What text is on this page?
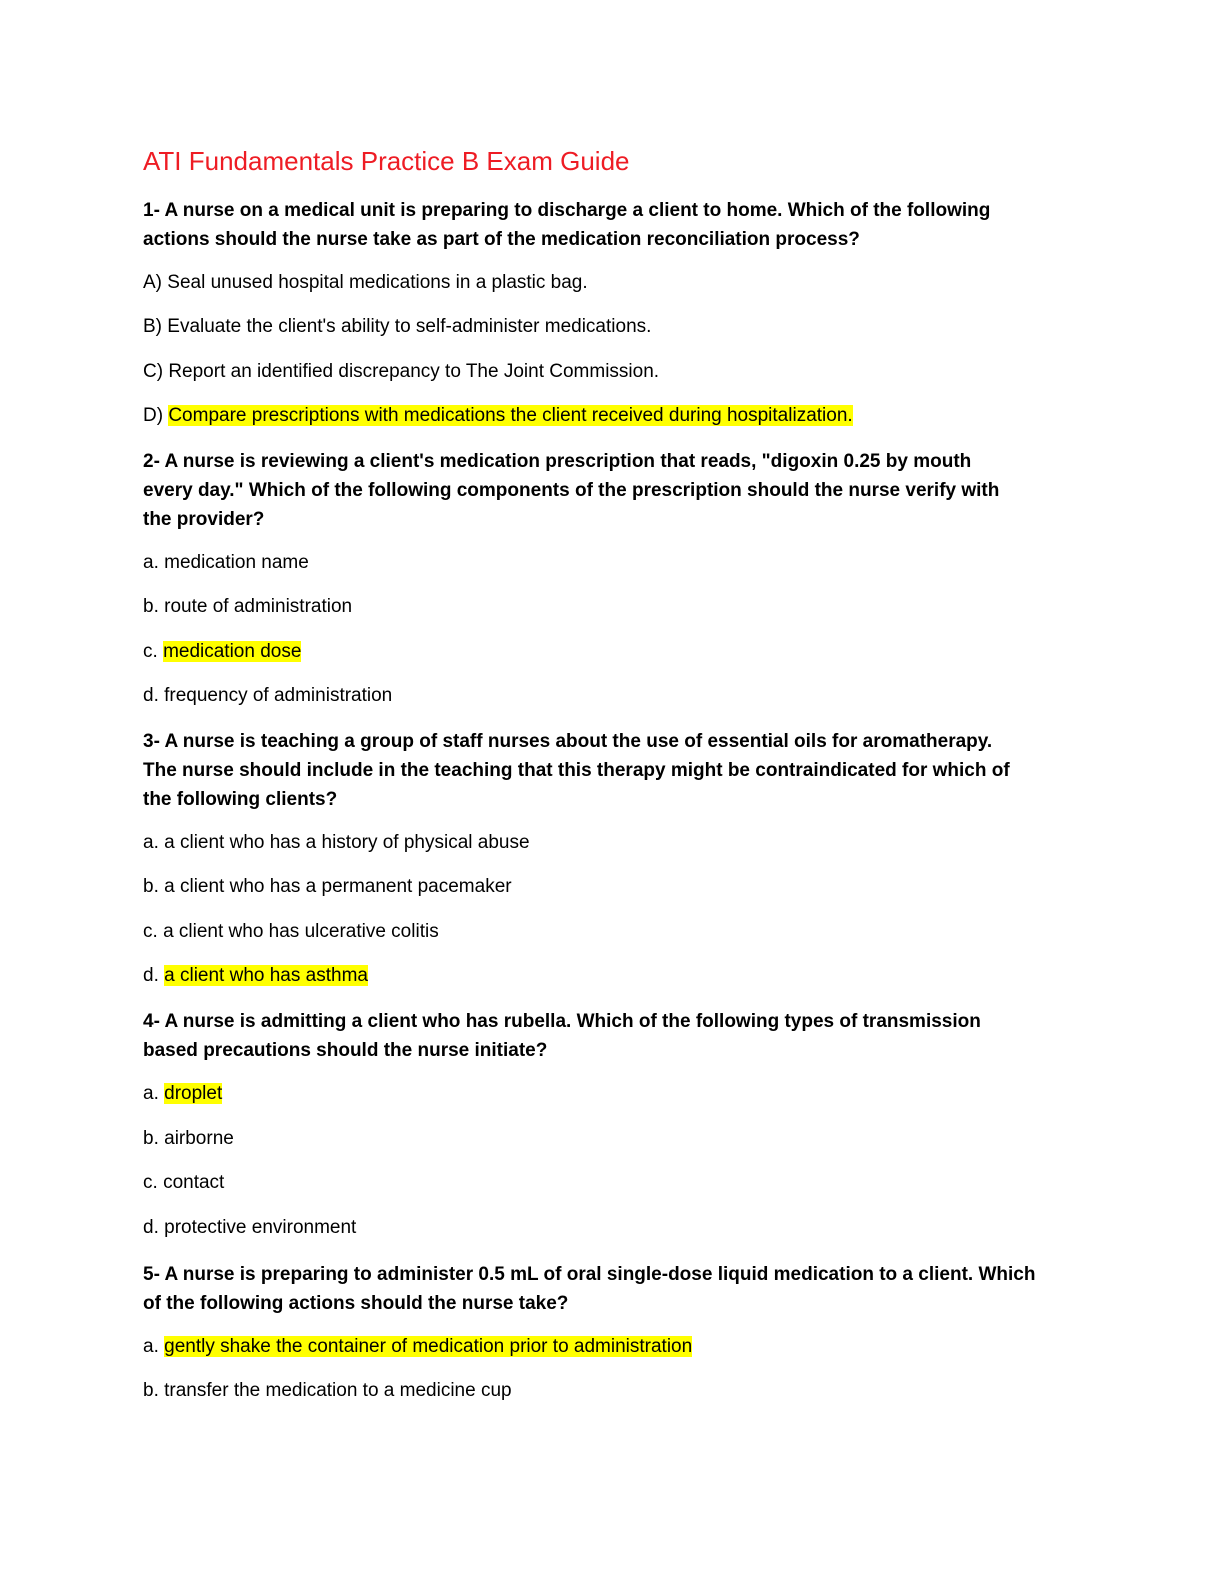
ATI Fundamentals Practice B Exam Guide
1- A nurse on a medical unit is preparing to discharge a client to home. Which of the following
actions should the nurse take as part of the medication reconciliation process?
A) Seal unused hospital medications in a plastic bag.
B) Evaluate the client's ability to self-administer medications.
C) Report an identified discrepancy to The Joint Commission.
D) Compare prescriptions with medications the client received during hospitalization.
2- A nurse is reviewing a client's medication prescription that reads, "digoxin 0.25 by mouth
every day." Which of the following components of the prescription should the nurse verify with
the provider?
a. medication name
b. route of administration
c. medication dose
d. frequency of administration
3- A nurse is teaching a group of staff nurses about the use of essential oils for aromatherapy.
The nurse should include in the teaching that this therapy might be contraindicated for which of
the following clients?
a. a client who has a history of physical abuse
b. a client who has a permanent pacemaker
c. a client who has ulcerative colitis
d. a client who has asthma
4- A nurse is admitting a client who has rubella. Which of the following types of transmission
based precautions should the nurse initiate?
a. droplet
b. airborne
c. contact
d. protective environment
5- A nurse is preparing to administer 0.5 mL of oral single-dose liquid medication to a client. Which
of the following actions should the nurse take?
a. gently shake the container of medication prior to administration
b. transfer the medication to a medicine cup
